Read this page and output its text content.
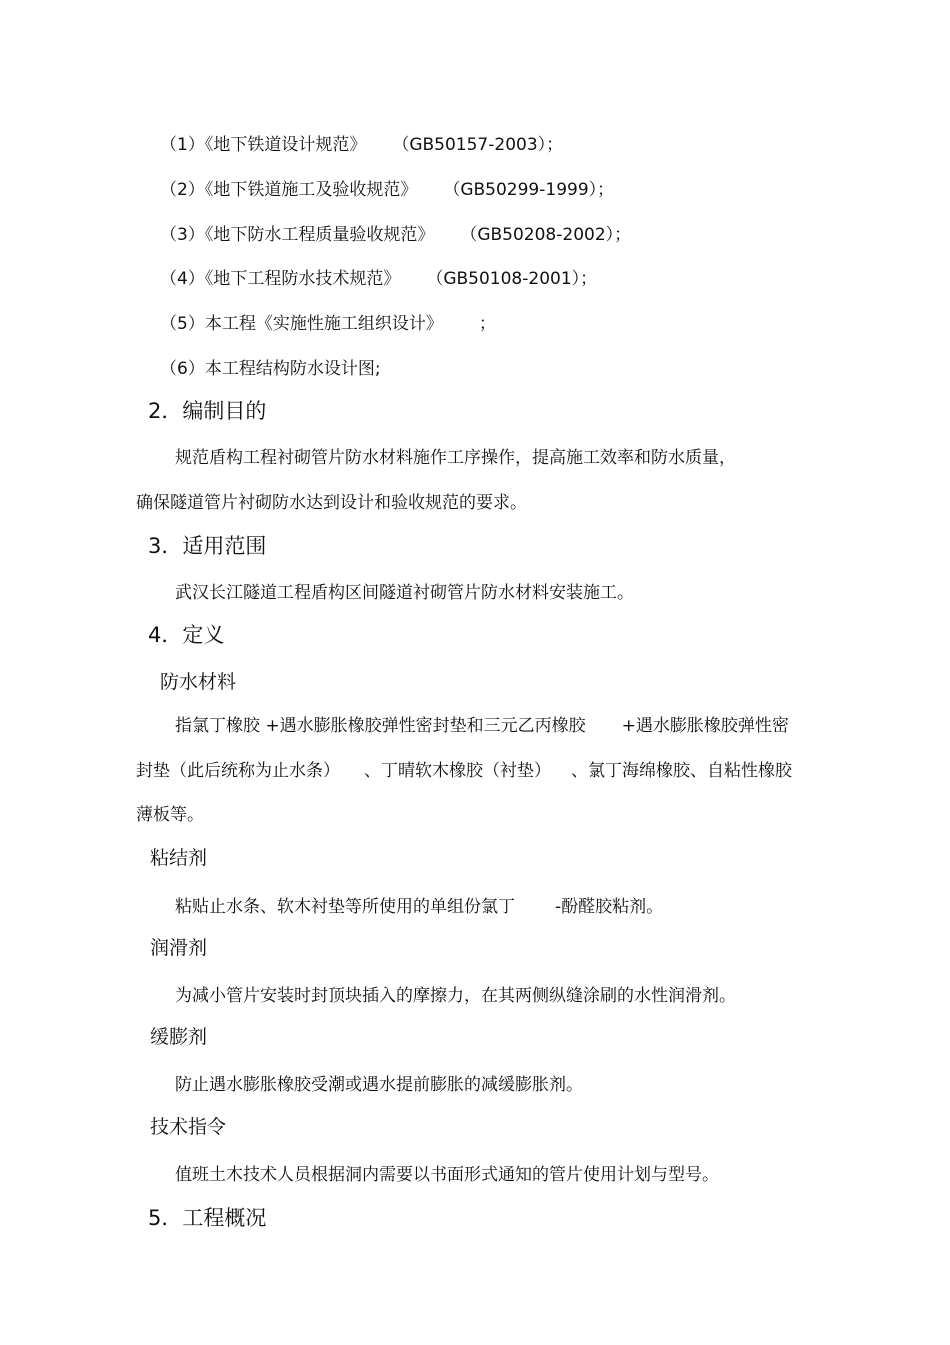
（1）《地下铁道设计规范》 （GB50157-2003）；
（2）《地下铁道施工及验收规范》 （GB50299-1999）；
（3）《地下防水工程质量验收规范》 （GB50208-2002）；
（4）《地下工程防水技术规范》 （GB50108-2001）；
（5）本工程《实施性施工组织设计》 ；
（6）本工程结构防水设计图;
2．编制目的
规范盾构工程衬砌管片防水材料施作工序操作，提高施工效率和防水质量，
确保隧道管片衬砌防水达到设计和验收规范的要求。
3．适用范围
武汉长江隧道工程盾构区间隧道衬砌管片防水材料安装施工。
4．定义
防水材料
指氯丁橡胶 +遇水膨胀橡胶弹性密封垫和三元乙丙橡胶 +遇水膨胀橡胶弹性密
封垫（此后统称为止水条） 、丁晴软木橡胶（衬垫） 、氯丁海绵橡胶、自粘性橡胶
薄板等。
粘结剂
粘贴止水条、软木衬垫等所使用的单组份氯丁 -酚醛胶粘剂。
润滑剂
为减小管片安装时封顶块插入的摩擦力，在其两侧纵缝涂刷的水性润滑剂。
缓膨剂
防止遇水膨胀橡胶受潮或遇水提前膨胀的减缓膨胀剂。
技术指令
值班土木技术人员根据洞内需要以书面形式通知的管片使用计划与型号。
5．工程概况
